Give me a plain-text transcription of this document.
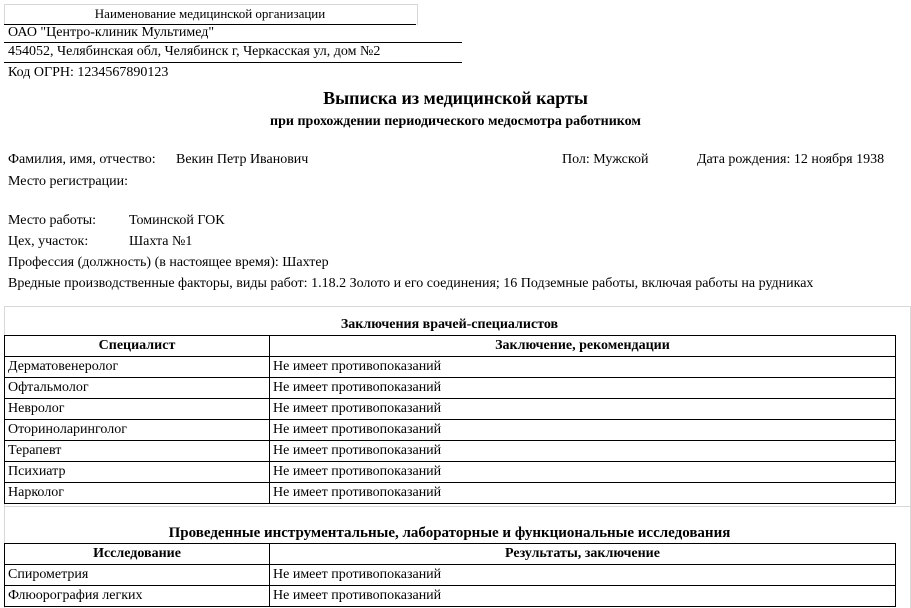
Наименование медицинской организации
ОАО "Центро-клиник Мультимед"
454052, Челябинская обл, Челябинск г, Черкасская ул, дом №2
Код ОГРН: 1234567890123
Выписка из медицинской карты
при прохождении периодического медосмотра работником
Фамилия, имя, отчество: Векин Петр Иванович	Пол: Мужской	Дата рождения: 12 ноября 1938
Место регистрации:
Место работы: Томинской ГОК
Цех, участок:	Шахта №1
Профессия (должность) (в настоящее время): Шахтер
Вредные производственные факторы, виды работ: 1.18.2 Золото и его соединения; 16 Подземные работы, включая работы на рудниках
Заключения врачей-специалистов
Специалист	Заключение, рекомендации
Дерматовенеролог	Не имеет противопоказаний
Офтальмолог	Не имеет противопоказаний
Невролог	Не имеет противопоказаний
Оториноларинголог	Не имеет противопоказаний
Терапевт	Не имеет противопоказаний
Психиатр	Не имеет противопоказаний
Нарколог	Не имеет противопоказаний
Проведенные инструментальные, лабораторные и функциональные исследования
Исследование	Результаты, заключение
Спирометрия	Не имеет противопоказаний
Флюорография легких	Не имеет противопоказаний
